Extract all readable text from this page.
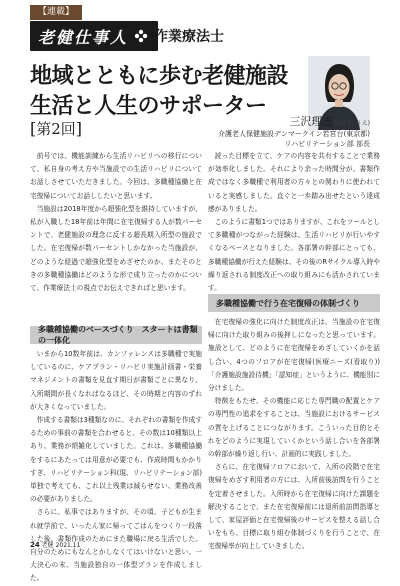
【連載】
老健仕事人 作業療法士
地域とともに歩む老健施設
生活と人生のサポーター
[ 第2回 ]	三沢理恵(みさわ りえ)
介護老人保健施設デンマークイン若宮台(東京都)
リハビリテーション部 部長

前号では、機能訓練から生活リハビリへの移行について、私自身の考え方や当施設での生活リハビリについてお話しさせていただきました。今回は、多職種協働と在宅復帰についてお話ししたいと思います。

当施設は2018年度から超強化型を維持していますが、私が入職した18年前は年間に在宅復帰する人が数パーセントで、老健施設の理念に反する超長期入所型の施設でした。在宅復帰が数パーセントしかなかった当施設が、どのような経過で超強化型をめざせたのか、またそのときの多職種協働はどのような形で成り立ったのかについて、作業療法士の視点でお伝えできればと思います。

多職種協働のベースづくり　スタートは書類の一体化

いまから10数年前は、カンファレンスは多職種で実施しているのに、ケアプラン・リハビリ実施計画書・栄養マネジメントの書類を見直す期日が書類ごとに異なり、入所期間が長くなればなるほど、その時期と内容のずれが大きくなっていました。

作成する書類は3種類なのに、それぞれの書類を作成するための事前の書類を合わせると、その数は10種類以上あり、業務が煩雑化していました。これは、多職種協働をするにあたっては用意が必要でも、作成時間もかかりすぎ、リハビリテーション科(現、リハビリテーション部)単独で考えても、これ以上残業は減らせない、業務改善の必要がありました。

さらに、私事ではありますが、その頃、子どもが生まれ就学前で、いったん家に帰ってごはんをつくり一段落した後、書類作成のためにまた職場に戻る生活でした。自分のためにもなんとかしなくてはいけないと思い、一大決心の末、当施設独自の一体型プランを作成しました。

読った目標を立て、ケアの内容を共有することで業務が効率化しました。それにより余った時間分が、書類作成ではなく多職種で利用者の方々との関わりに使われていると実感しました。直ぐと一歩踏み出せたという達成感がありました。

このように書類1つではありますが、これをツールとして多職種がつながった経験は、生活リハビリが行いやすくなるベースとなりました。各部署の幹部にとっても、多職種協働が行えた経験は、その後のRサイクル導入時や繰り返される制度改正への取り組みにも活かされています。

多職種協働で行う在宅復帰の体制づくり

在宅復帰の強化に向けた制度改正は、当施設の在宅復帰に向けた取り組みの後押しになったと思っています。施設として、どのように在宅復帰をめざしていくかを話し合い、4つのフロアが在宅復帰(医療ニーズ(看取り))「介護施設施設待機」「認知症」というように、機能別に分けました。

特徴をもたせ、その機能に応じた専門職の配置とケアの専門性の追求をすることは、当施設におけるサービスの質を上げることにつながります。こういった目的とそれをどのように実現していくかという話し合いを各部署の幹部が繰り返し行い、計画的に実践しました。

さらに、在宅復帰フロアにおいて、入所の段階で在宅復帰をめざす利用者の方には、入所前後訪問を行うことを定着させました。入所時から在宅復帰に向けた課題を解決することで、また在宅復帰前には退所前訪問指導として、家屋評価と在宅復帰後のサービスを整える話し合いをもち、目標に取り組む体制づくりを行うことで、在宅復帰率が向上していきました。

24 老健 2021.11
